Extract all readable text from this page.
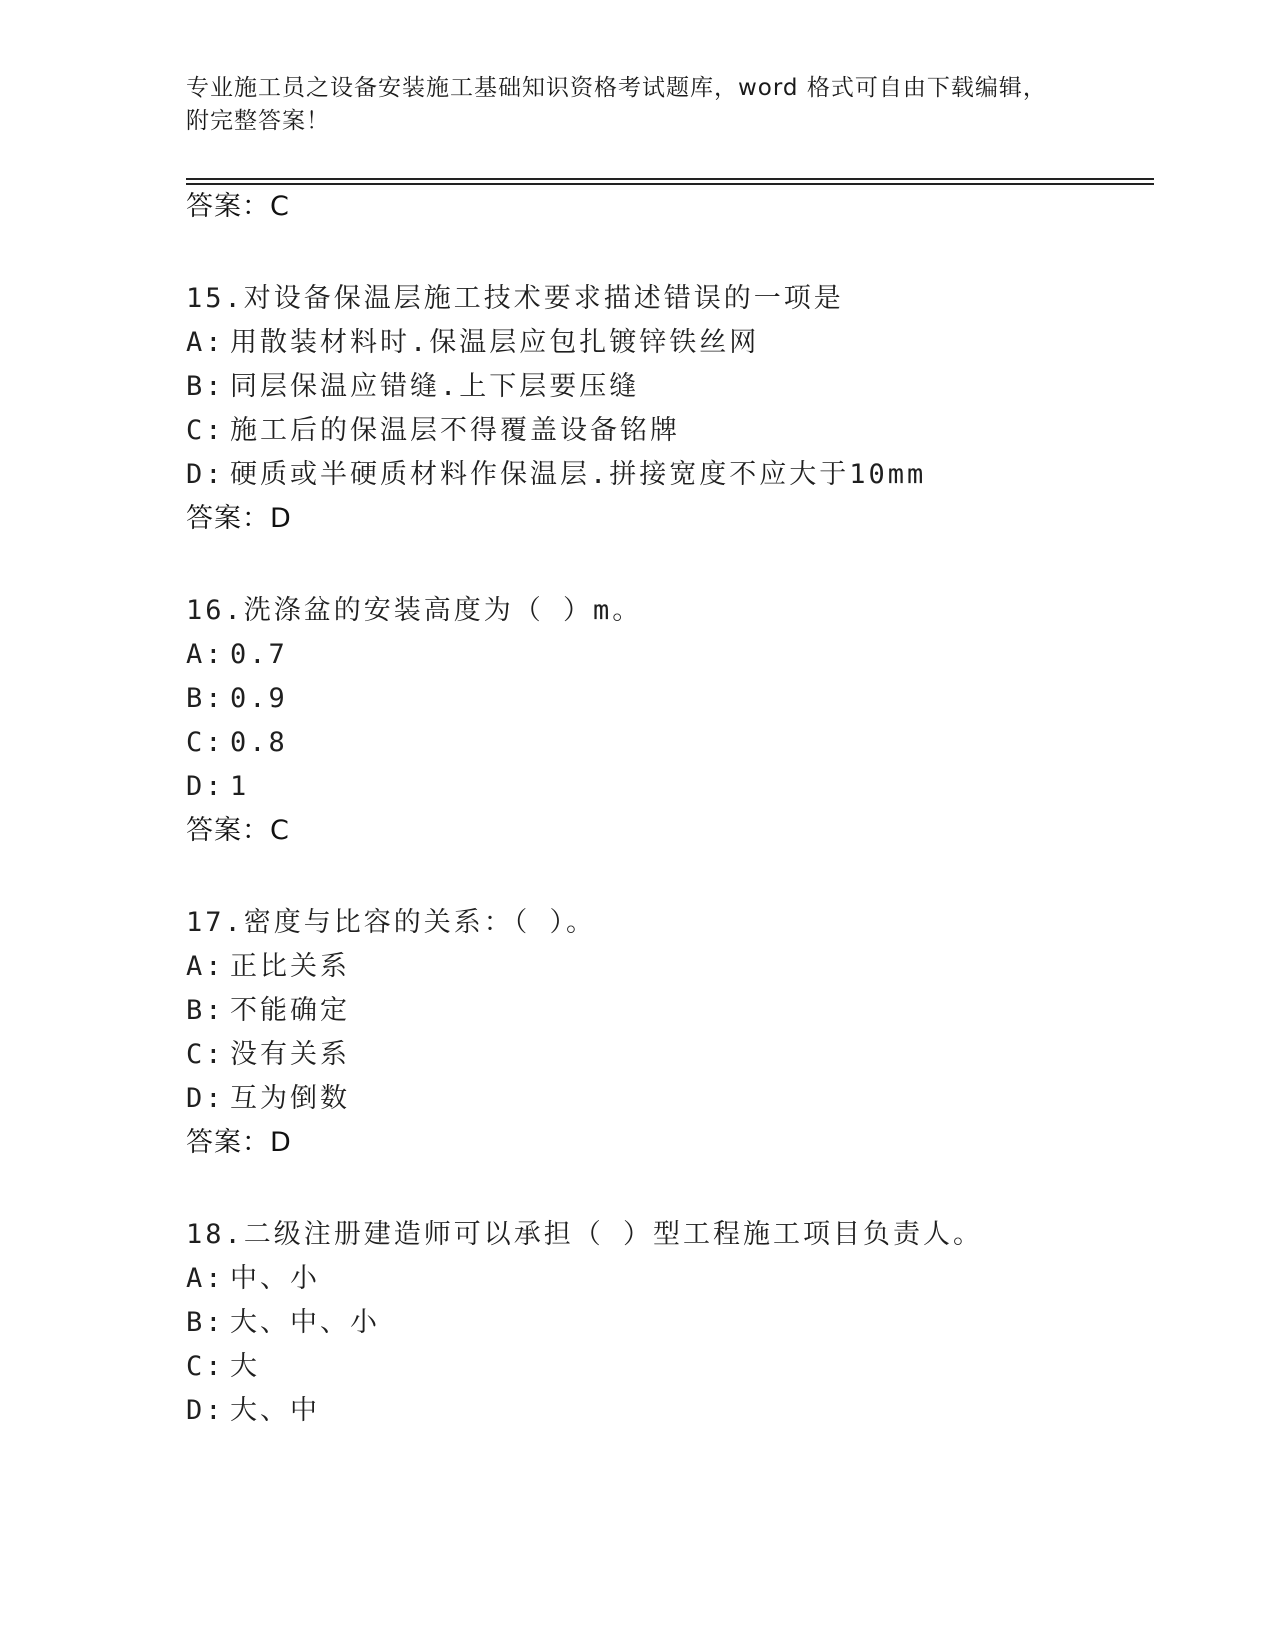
专业施工员之设备安装施工基础知识资格考试题库，word 格式可自由下载编辑，
附完整答案！
答案：C
15.对设备保温层施工技术要求描述错误的一项是
A: 用散装材料时.保温层应包扎镀锌铁丝网
B: 同层保温应错缝.上下层要压缝
C: 施工后的保温层不得覆盖设备铭牌
D: 硬质或半硬质材料作保温层.拼接宽度不应大于10mm
答案：D
16.洗涤盆的安装高度为（ ）m。
A: 0.7
B: 0.9
C: 0.8
D: 1
答案：C
17.密度与比容的关系：（ ）。
A: 正比关系
B: 不能确定
C: 没有关系
D: 互为倒数
答案：D
18.二级注册建造师可以承担（ ）型工程施工项目负责人。
A: 中、小
B: 大、中、小
C: 大
D: 大、中
